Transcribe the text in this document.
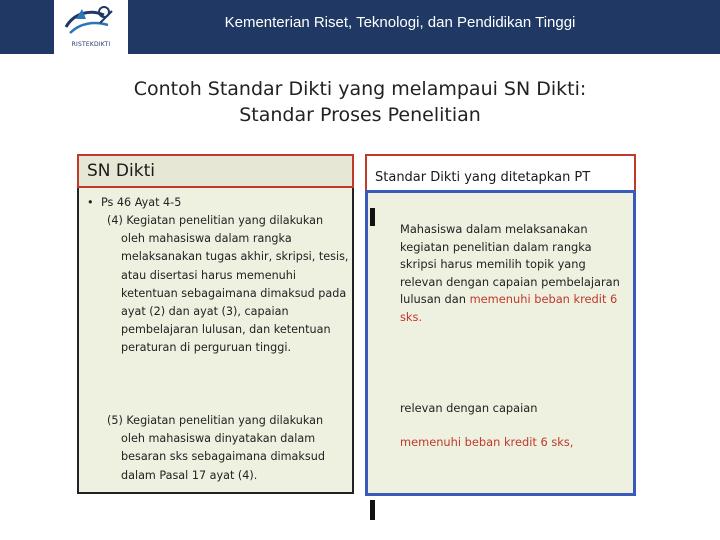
RISTEKDIKTI
Kementerian Riset, Teknologi, dan Pendidikan Tinggi
Contoh Standar Dikti yang melampaui SN Dikti:
Standar Proses Penelitian
SN Dikti
• Ps 46 Ayat 4-5
(4) Kegiatan penelitian yang dilakukan
oleh mahasiswa dalam rangka melaksanakan tugas akhir, skripsi, tesis, atau disertasi harus memenuhi ketentuan sebagaimana dimaksud pada ayat (2) dan ayat (3), capaian pembelajaran lulusan, dan ketentuan peraturan di perguruan tinggi.
(5) Kegiatan penelitian yang dilakukan
oleh mahasiswa dinyatakan dalam besaran sks sebagaimana dimaksud dalam Pasal 17 ayat (4).
Standar Dikti yang ditetapkan PT
Mahasiswa dalam melaksanakan kegiatan penelitian dalam rangka skripsi harus memilih topik yang relevan dengan capaian pembelajaran lulusan dan memenuhi beban kredit 6 sks.
relevan dengan capaian
memenuhi beban kredit 6 sks,
